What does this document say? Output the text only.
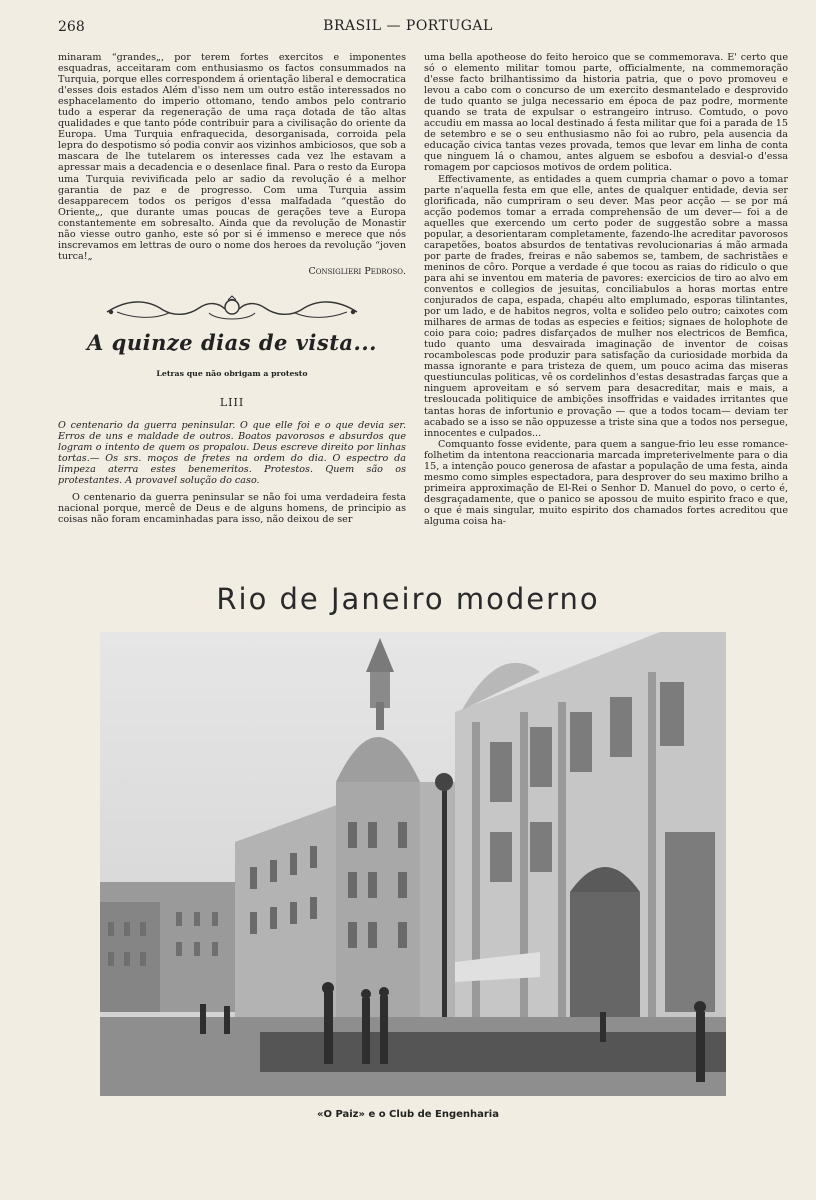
268	BRASIL — PORTUGAL

minaram “grandes„, por terem fortes exercitos e imponentes esquadras, acceitaram com enthusiasmo os factos consummados na Turquia, porque elles correspondem á orientação liberal e democratica d'esses dois estados Além d'isso nem um outro estão interessados no esphacelamento do imperio ottomano, tendo ambos pelo contrario tudo a esperar da regeneração de uma raça dotada de tão altas qualidades e que tanto póde contribuir para a civilisação do oriente da Europa. Uma Turquia enfraquecida, desorganisada, corroida pela lepra do despotismo só podia convir aos vizinhos ambiciosos, que sob a mascara de lhe tutelarem os interesses cada vez lhe estavam a apressar mais a decadencia e o desenlace final. Para o resto da Europa uma Turquia revivificada pelo ar sadio da revolução é a melhor garantia de paz e de progresso. Com uma Turquia assim desapparecem todos os perigos d'essa malfadada “questão do Oriente„, que durante umas poucas de gerações teve a Europa constantemente em sobresalto. Ainda que da revolução de Monastir não viesse outro ganho, este só por si é immenso e merece que nós inscrevamos em lettras de ouro o nome dos heroes da revolução “joven turca!„

Consiglieri Pedroso.

A quinze dias de vista...

Letras que não obrigam a protesto

LIII

O centenario da guerra peninsular. O que elle foi e o que devia ser. Erros de uns e maldade de outros. Boatos pavorosos e absurdos que logram o intento de quem os propalou. Deus escreve direito por linhas tortas.— Os srs. moços de fretes na ordem do dia. O espectro da limpeza aterra estes benemeritos. Protestos. Quem são os protestantes. A provavel solução do caso.

O centenario da guerra peninsular se não foi uma verdadeira festa nacional porque, mercê de Deus e de alguns homens, de principio as coisas não foram encaminhadas para isso, não deixou de ser

uma bella apotheose do feito heroico que se commemorava. E' certo que só o elemento militar tomou parte, officialmente, na commemoração d'esse facto brilhantissimo da historia patria, que o povo promoveu e levou a cabo com o concurso de um exercito desmantelado e desprovido de tudo quanto se julga necessario em época de paz podre, mormente quando se trata de expulsar o estrangeiro intruso. Comtudo, o povo accudiu em massa ao local destinado á festa militar que foi a parada de 15 de setembro e se o seu enthusiasmo não foi ao rubro, pela ausencia da educação civica tantas vezes provada, temos que levar em linha de conta que ninguem lá o chamou, antes alguem se esbofou a desvial-o d'essa romagem por capciosos motivos de ordem politica.

Effectivamente, as entidades a quem cumpria chamar o povo a tomar parte n'aquella festa em que elle, antes de qualquer entidade, devia ser glorificada, não cumpriram o seu dever. Mas peor acção — se por má acção podemos tomar a errada comprehensão de um dever— foi a de aquelles que exercendo um certo poder de suggestão sobre a massa popular, a desorientaram completamente, fazendo-lhe acreditar pavorosos carapetões, boatos absurdos de tentativas revolucionarias á mão armada por parte de frades, freiras e não sabemos se, tambem, de sachristães e meninos de côro. Porque a verdade é que tocou as raias do ridiculo o que para ahi se inventou em materia de pavores: exercicios de tiro ao alvo em conventos e collegios de jesuitas, conciliabulos a horas mortas entre conjurados de capa, espada, chapéu alto emplumado, esporas tilintantes, por um lado, e de habitos negros, volta e solideo pelo outro; caixotes com milhares de armas de todas as especies e feitios; signaes de holophote de coio para coio; padres disfarçados de mulher nos electricos de Bemfica, tudo quanto uma desvairada imaginação de inventor de coisas rocambolescas pode produzir para satisfação da curiosidade morbida da massa ignorante e para tristeza de quem, um pouco acima das miseras questiunculas politicas, vê os cordelinhos d'estas desastradas farças que a ninguem aproveitam e só servem para desacreditar, mais e mais, a tresloucada politiquice de ambições insoffridas e vaidades irritantes que tantas horas de infortunio e provação — que a todos tocam— deviam ter acabado se a isso se não oppuzesse a triste sina que a todos nos persegue, innocentes e culpados...

Comquanto fosse evidente, para quem a sangue-frio leu esse romance-folhetim da intentona reaccionaria marcada impreterivelmente para o dia 15, a intenção pouco generosa de afastar a população de uma festa, ainda mesmo como simples espectadora, para desprover do seu maximo brilho a primeira approximação de El-Rei o Senhor D. Manuel do povo, o certo é, desgraçadamente, que o panico se apossou de muito espirito fraco e que, o que é mais singular, muito espirito dos chamados fortes acreditou que alguma coisa ha-

Rio de Janeiro moderno
«O Paiz» e o Club de Engenharia
